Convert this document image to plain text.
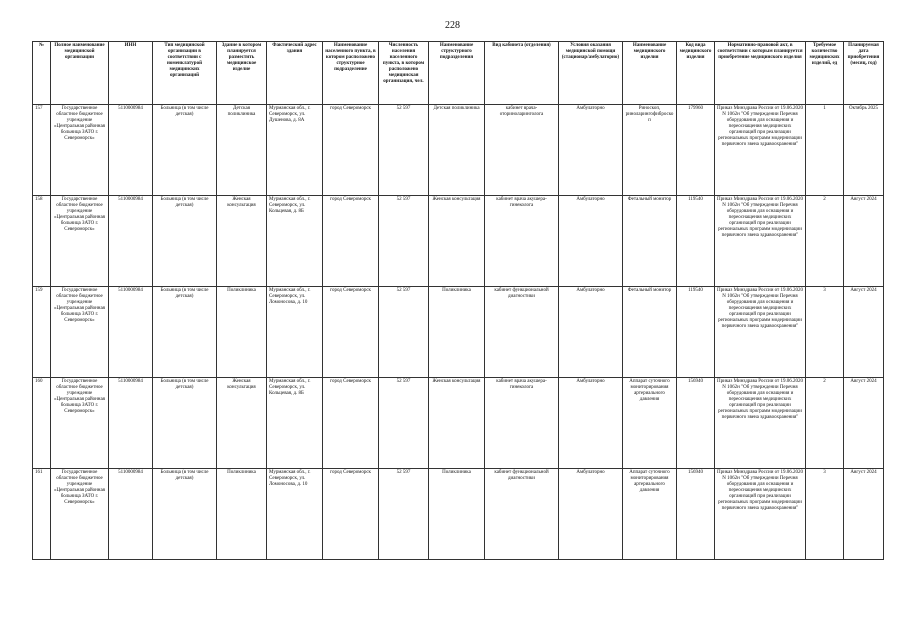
228
№	Полное наименование медицинской организации	ИНН	Тип медицинской организации в соответствии с номенклатурой медицинских организаций	Здание в котором планируется разместить медицинское изделие	Фактический адрес здания	Наименование населенного пункта, в котором расположено структурное подразделение	Численность населения населенного пункта, в котором расположено медицинская организация, чел.	Наименование структурного подразделения	Вид кабинета (отделения)	Условия оказания медицинской помощи (стационар/амбулаторно)	Наименование медицинского изделия	Код вида медицинского изделия	Нормативно-правовой акт, в соответствии с которым планируется приобретение медицинского изделия	Требуемое количество медицинских изделий, ед	Планируемая дата приобретения (месяц, год)
157	Государственное областное бюджетное учреждение «Центральная районная больница ЗАТО г. Североморск»	5110000984	Больница (в том числе детская)	Детская поликлиника	Мурманская обл., г. Североморск, ул. Душенова, д. 8А	город Североморск	52 597	Детская поликлиника	кабинет врача-оториноларинголога	Амбулаторно	Риноскоп, риноларингофиброскоп	179960	Приказ Минздрава России от 19.06.2020 N 1062н "Об утверждении Перечня оборудования для оснащения и переоснащения медицинских организаций при реализации региональных программ модернизации первичного звена здравоохранения"	1	Октябрь 2025
158	Государственное областное бюджетное учреждение «Центральная районная больница ЗАТО г. Североморск»	5110000984	Больница (в том числе детская)	Женская консультация	Мурманская обл., г. Североморск, ул. Кольцевая, д. 8Б	город Североморск	52 597	Женская консультация	кабинет врача акушера-гинеколога	Амбулаторно	Фетальный монитор	119540	Приказ Минздрава России от 19.06.2020 N 1062н "Об утверждении Перечня оборудования для оснащения и переоснащения медицинских организаций при реализации региональных программ модернизации первичного звена здравоохранения"	2	Август 2024
159	Государственное областное бюджетное учреждение «Центральная районная больница ЗАТО г. Североморск»	5110000984	Больница (в том числе детская)	Поликлиника	Мурманская обл., г. Североморск, ул. Ломоносова, д. 10	город Североморск	52 597	Поликлиника	кабинет функциональной диагностики	Амбулаторно	Фетальный монитор	119540	Приказ Минздрава России от 19.06.2020 N 1062н "Об утверждении Перечня оборудования для оснащения и переоснащения медицинских организаций при реализации региональных программ модернизации первичного звена здравоохранения"	3	Август 2024
160	Государственное областное бюджетное учреждение «Центральная районная больница ЗАТО г. Североморск»	5110000984	Больница (в том числе детская)	Женская консультация	Мурманская обл., г. Североморск, ул. Кольцевая, д. 8Б	город Североморск	52 597	Женская консультация	кабинет врача акушера-гинеколога	Амбулаторно	Аппарат суточного мониторирования артериального давления	156940	Приказ Минздрава России от 19.06.2020 N 1062н "Об утверждении Перечня оборудования для оснащения и переоснащения медицинских организаций при реализации региональных программ модернизации первичного звена здравоохранения"	2	Август 2024
161	Государственное областное бюджетное учреждение «Центральная районная больница ЗАТО г. Североморск»	5110000984	Больница (в том числе детская)	Поликлиника	Мурманская обл., г. Североморск, ул. Ломоносова, д. 10	город Североморск	52 597	Поликлиника	кабинет функциональной диагностики	Амбулаторно	Аппарат суточного мониторирования артериального давления	156940	Приказ Минздрава России от 19.06.2020 N 1062н "Об утверждении Перечня оборудования для оснащения и переоснащения медицинских организаций при реализации региональных программ модернизации первичного звена здравоохранения"	3	Август 2024
